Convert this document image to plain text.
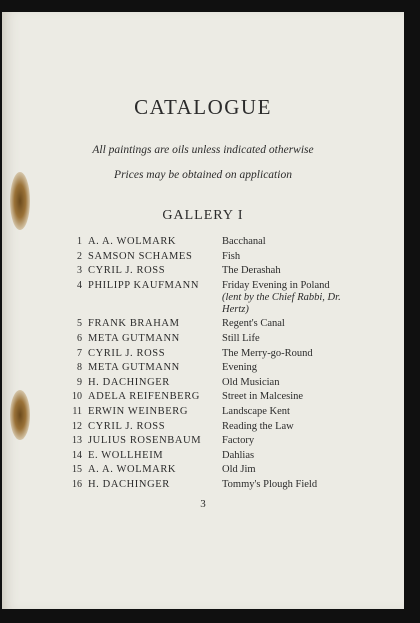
CATALOGUE
All paintings are oils unless indicated otherwise
Prices may be obtained on application
GALLERY I
1 A. A. WOLMARK	Bacchanal
2 SAMSON SCHAMES	Fish
3 CYRIL J. ROSS	The Derashah
4 PHILIPP KAUFMANN Friday Evening in Poland
(lent by the Chief Rabbi, Dr. Hertz)
5 FRANK BRAHAM	Regent's Canal
6 META GUTMANN	Still Life
7 CYRIL J. ROSS	The Merry-go-Round
8 META GUTMANN	Evening
9 H. DACHINGER	Old Musician
10 ADELA REIFENBERG Street in Malcesine
11 ERWIN WEINBERG	Landscape Kent
12 CYRIL J. ROSS	Reading the Law
13 JULIUS ROSENBAUM Factory
14 E. WOLLHEIM	Dahlias
15 A. A. WOLMARK	Old Jim
16 H. DACHINGER	Tommy's Plough Field
3
